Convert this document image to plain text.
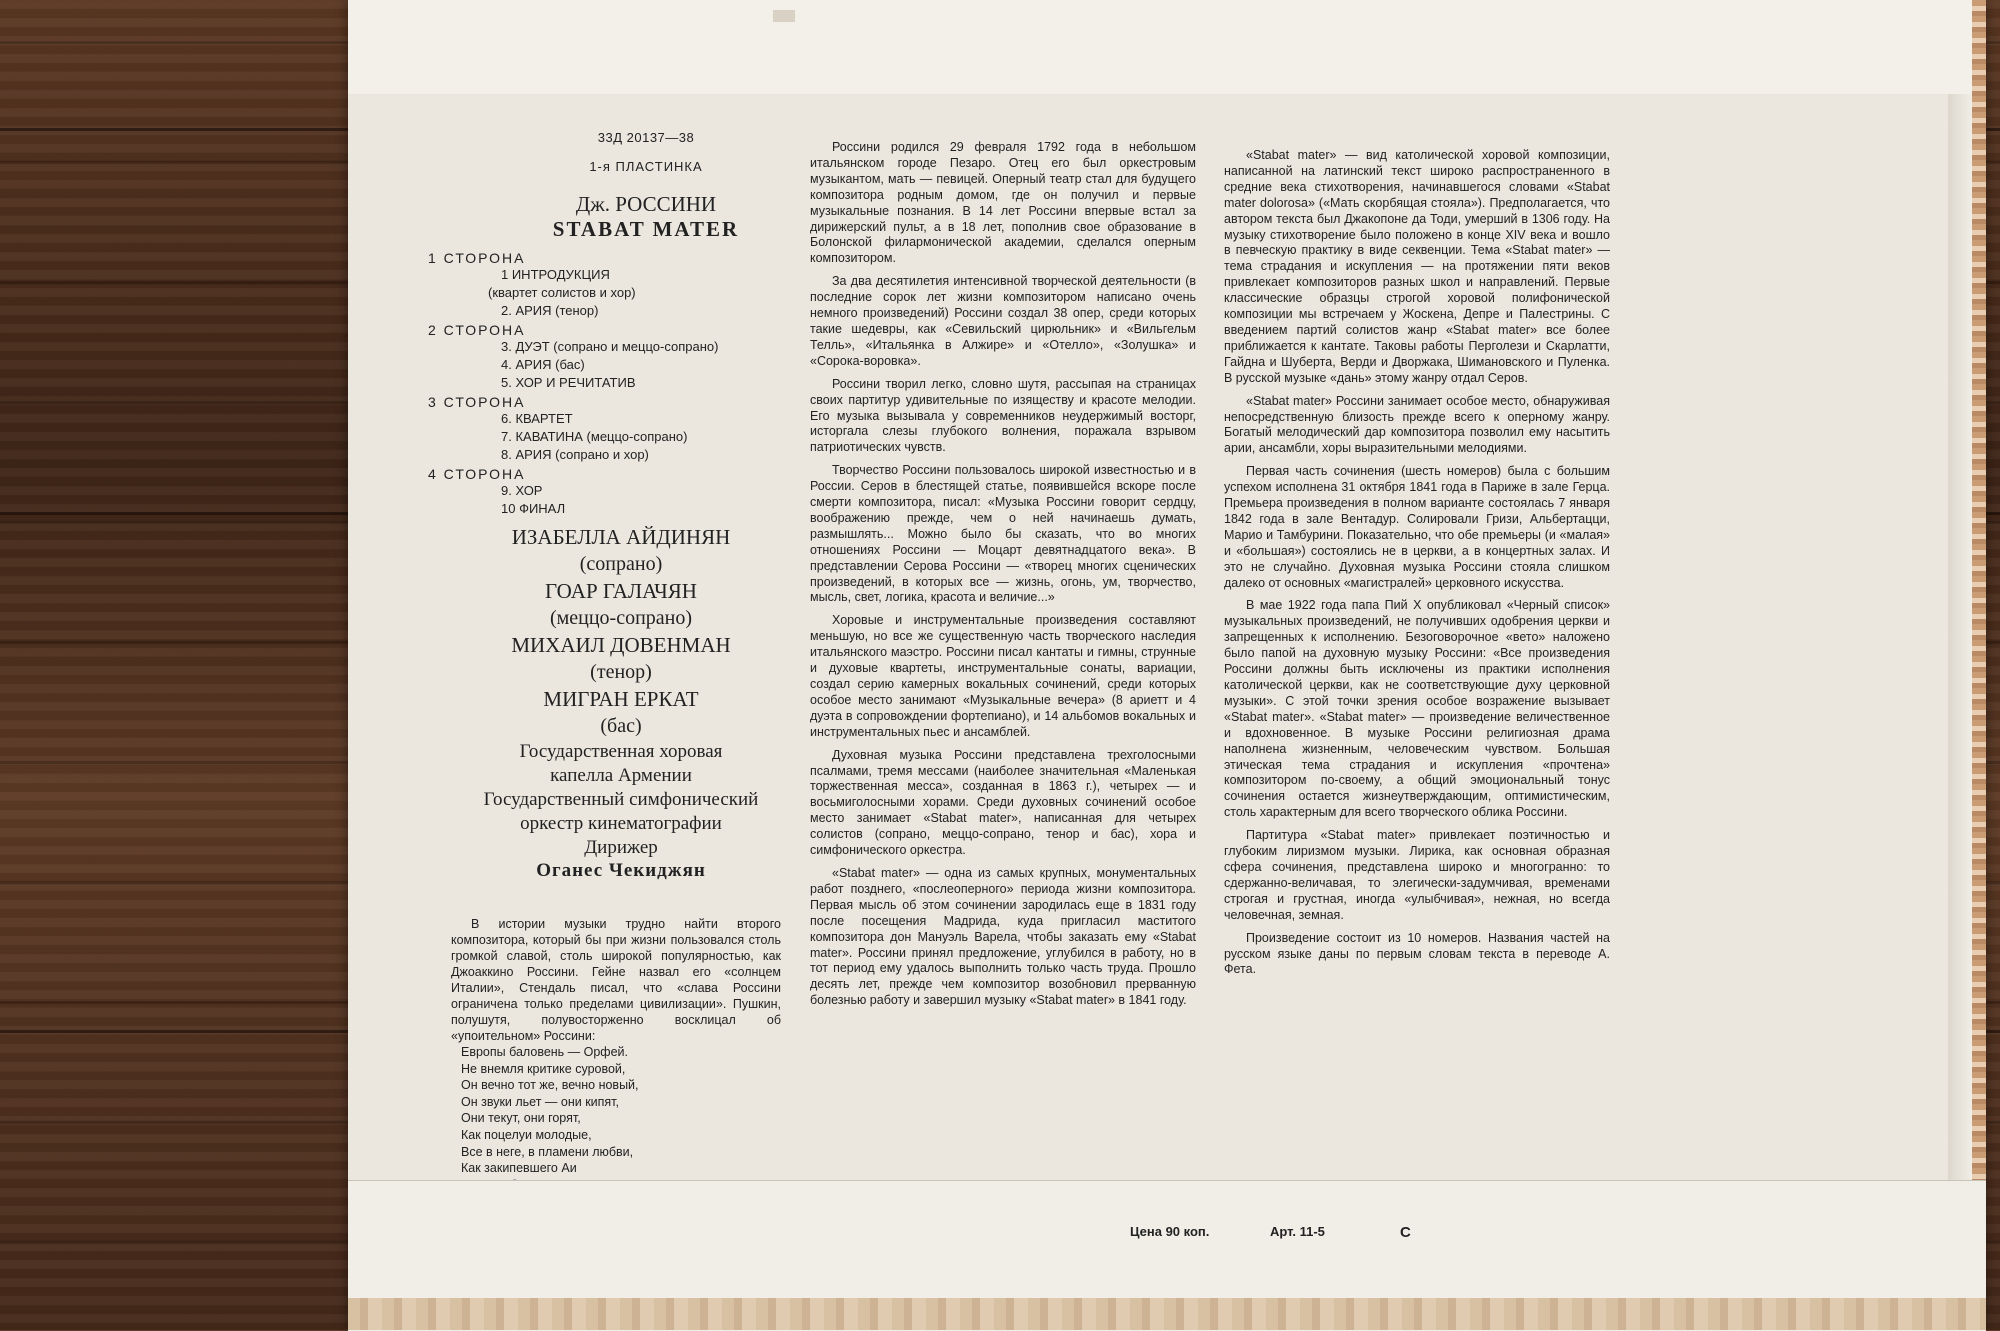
33Д 20137—38
1-я ПЛАСТИНКА
Дж. РОССИНИ
STABAT MATER
1 СТОРОНА
1 ИНТРОДУКЦИЯ
(квартет солистов и хор)
2. АРИЯ (тенор)
2 СТОРОНА
3. ДУЭТ (сопрано и меццо-сопрано)
4. АРИЯ (бас)
5. ХОР И РЕЧИТАТИВ
3 СТОРОНА
6. КВАРТЕТ
7. КАВАТИНА (меццо-сопрано)
8. АРИЯ (сопрано и хор)
4 СТОРОНА
9. ХОР
10 ФИНАЛ
ИЗАБЕЛЛА АЙДИНЯН
(сопрано)
ГОАР ГАЛАЧЯН
(меццо-сопрано)
МИХАИЛ ДОВЕНМАН
(тенор)
МИГРАН ЕРКАТ
(бас)
Государственная хоровая
капелла Армении
Государственный симфонический
оркестр кинематографии
Дирижер
Оганес Чекиджян
В истории музыки трудно найти второго композитора, который бы при жизни пользовался столь громкой славой, столь широкой популярностью, как Джоаккино Россини. Гейне назвал его «солнцем Италии», Стендаль писал, что «слава Россини ограничена только пределами цивилизации». Пушкин, полушутя, полувосторженно восклицал об «упоительном» Россини:
Европы баловень — Орфей.
Не внемля критике суровой,
Он вечно тот же, вечно новый,
Он звуки льет — они кипят,
Они текут, они горят,
Как поцелуи молодые,
Все в неге, в пламени любви,
Как закипевшего Аи

Россини родился 29 февраля 1792 года в небольшом итальянском городе Пезаро. Отец его был оркестровым музыкантом, мать — певицей. Оперный театр стал для будущего композитора родным домом, где он получил и первые музыкальные познания. В 14 лет Россини впервые встал за дирижерский пульт, а в 18 лет, пополнив свое образование в Болонской филармонической академии, сделался оперным композитором.

За два десятилетия интенсивной творческой деятельности (в последние сорок лет жизни композитором написано очень немного произведений) Россини создал 38 опер, среди которых такие шедевры, как «Севильский цирюльник» и «Вильгельм Телль», «Итальянка в Алжире» и «Отелло», «Золушка» и «Сорока-воровка».

Россини творил легко, словно шутя, рассыпая на страницах своих партитур удивительные по изяществу и красоте мелодии. Его музыка вызывала у современников неудержимый восторг, исторгала слезы глубокого волнения, поражала взрывом патриотических чувств.

Творчество Россини пользовалось широкой известностью и в России. Серов в блестящей статье, появившейся вскоре после смерти композитора, писал: «Музыка Россини говорит сердцу, воображению прежде, чем о ней начинаешь думать, размышлять... Можно было бы сказать, что во многих отношениях Россини — Моцарт девятнадцатого века». В представлении Серова Россини — «творец многих сценических произведений, в которых все — жизнь, огонь, ум, творчество, мысль, свет, логика, красота и величие...»

Хоровые и инструментальные произведения составляют меньшую, но все же существенную часть творческого наследия итальянского маэстро. Россини писал кантаты и гимны, струнные и духовые квартеты, инструментальные сонаты, вариации, создал серию камерных вокальных сочинений, среди которых особое место занимают «Музыкальные вечера» (8 ариетт и 4 дуэта в сопровождении фортепиано), и 14 альбомов вокальных и инструментальных пьес и ансамблей.

Духовная музыка Россини представлена трехголосными псалмами, тремя мессами (наиболее значительная «Маленькая торжественная месса», созданная в 1863 г.), четырех — и восьмиголосными хорами. Среди духовных сочинений особое место занимает «Stabat mater», написанная для четырех солистов (сопрано, меццо-сопрано, тенор и бас), хора и симфонического оркестра.

«Stabat mater» — одна из самых крупных, монументальных работ позднего, «послеоперного» периода жизни композитора. Первая мысль об этом сочинении зародилась еще в 1831 году после посещения Мадрида, куда пригласил маститого композитора дон Мануэль Варела, чтобы заказать ему «Stabat mater». Россини принял предложение, углубился в работу, но в тот период ему удалось выполнить только часть труда. Прошло десять лет, прежде чем композитор возобновил прерванную болезнью работу и завершил музыку «Stabat mater» в 1841 году.

«Stabat mater» — вид католической хоровой композиции, написанной на латинский текст широко распространенного в средние века стихотворения, начинавшегося словами «Stabat mater dolorosa» («Мать скорбящая стояла»). Предполагается, что автором текста был Джакопоне да Тоди, умерший в 1306 году. На музыку стихотворение было положено в конце XIV века и вошло в певческую практику в виде секвенции. Тема «Stabat mater» — тема страдания и искупления — на протяжении пяти веков привлекает композиторов разных школ и направлений. Первые классические образцы строгой хоровой полифонической композиции мы встречаем у Жоскена, Депре и Палестрины. С введением партий солистов жанр «Stabat mater» все более приближается к кантате. Таковы работы Перголези и Скарлатти, Гайдна и Шуберта, Верди и Дворжака, Шимановского и Пуленка. В русской музыке «дань» этому жанру отдал Серов.

«Stabat mater» Россини занимает особое место, обнаруживая непосредственную близость прежде всего к оперному жанру. Богатый мелодический дар композитора позволил ему насытить арии, ансамбли, хоры выразительными мелодиями.

Первая часть сочинения (шесть номеров) была с большим успехом исполнена 31 октября 1841 года в Париже в зале Герца. Премьера произведения в полном варианте состоялась 7 января 1842 года в зале Вентадур. Солировали Гризи, Альбертацци, Марио и Тамбурини. Показательно, что обе премьеры (и «малая» и «большая») состоялись не в церкви, а в концертных залах. И это не случайно. Духовная музыка Россини стояла слишком далеко от основных «магистралей» церковного искусства.

В мае 1922 года папа Пий X опубликовал «Черный список» музыкальных произведений, не получивших одобрения церкви и запрещенных к исполнению. Безоговорочное «вето» наложено было папой на духовную музыку Россини: «Все произведения Россини должны быть исключены из практики исполнения католической церкви, как не соответствующие духу церковной музыки». С этой точки зрения особое возражение вызывает «Stabat mater». «Stabat mater» — произведение величественное и вдохновенное. В музыке Россини религиозная драма наполнена жизненным, человеческим чувством. Большая этическая тема страдания и искупления «прочтена» композитором по-своему, а общий эмоциональный тонус сочинения остается жизнеутверждающим, оптимистическим, столь характерным для всего творческого облика Россини.

Партитура «Stabat mater» привлекает поэтичностью и глубоким лиризмом музыки. Лирика, как основная образная сфера сочинения, представлена широко и многогранно: то сдержанно-величавая, то элегически-задумчивая, временами строгая и грустная, иногда «улыбчивая», нежная, но всегда человечная, земная.

Произведение состоит из 10 номеров. Названия частей на русском языке даны по первым словам текста в переводе А. Фета.

Цена 90 коп.	Арт. 11-5	С
